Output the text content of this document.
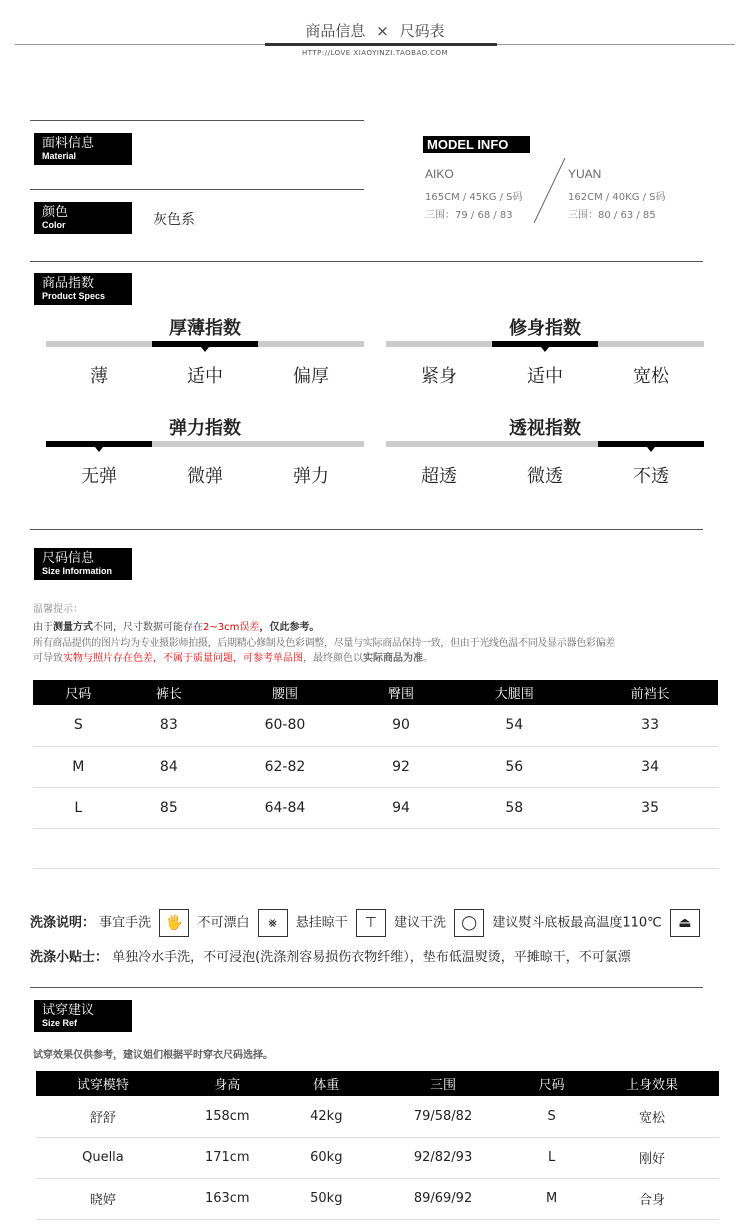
商品信息 × 尺码表
HTTP://LOVE XIAOYINZI.TAOBAO.COM
面料信息
Material
颜色
Color	灰色系
MODEL INFO
AIKO
165CM / 45KG / S码
三围：79 / 68 / 83
YUAN
162CM / 40KG / S码
三围：80 / 63 / 85
商品指数
Product Specs
厚薄指数
薄	适中	偏厚
修身指数
紧身	适中	宽松
弹力指数
无弹	微弹	弹力
透视指数
超透	微透	不透
尺码信息
Size Information
温馨提示：
由于测量方式不同，尺寸数据可能存在2~3cm误差，仅此参考。
所有商品提供的图片均为专业摄影师拍摄，后期精心修制及色彩调整，尽量与实际商品保持一致，但由于光线色温不同及显示器色彩偏差
可导致实物与照片存在色差，不属于质量问题，可参考单品图，最终颜色以实际商品为准。
尺码	裤长	腰围	臀围	大腿围	前裆长
S	83	60-80	90	54	33
M	84	62-82	92	56	34
L	85	64-84	94	58	35
洗涤说明： 事宜手洗 🖐 不可漂白 ⨳ 悬挂晾干 ⊤ 建议干洗 ◯ 建议熨斗底板最高温度110℃ ⏏
洗涤小贴士： 单独冷水手洗，不可浸泡(洗涤剂容易损伤衣物纤维），垫布低温熨烫，平摊晾干，不可氯漂
试穿建议
Size Ref
试穿效果仅供参考，建议姐们根据平时穿衣尺码选择。
试穿模特	身高	体重	三围	尺码	上身效果
舒舒	158cm	42kg	79/58/82	S	宽松
Quella	171cm	60kg	92/82/93	L	刚好
晓婷	163cm	50kg	89/69/92	M	合身
